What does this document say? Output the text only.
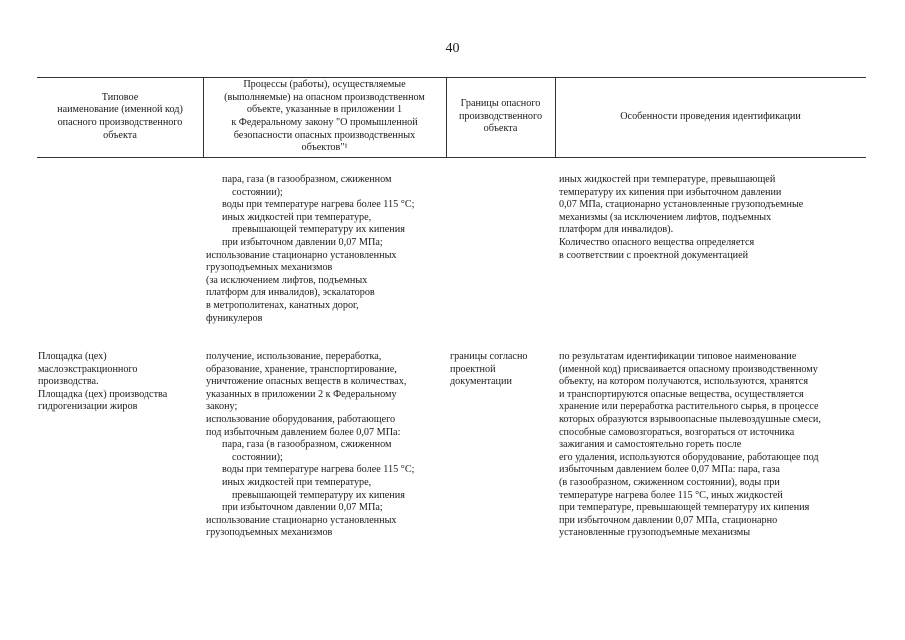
40
Типовое
наименование (именной код)
опасного производственного
объекта
Процессы (работы), осуществляемые
(выполняемые) на опасном производственном
объекте, указанные в приложении 1
к Федеральному закону "О промышленной
безопасности опасных производственных
объектов"¹
Границы опасного
производственного
объекта
Особенности проведения идентификации
пара, газа (в газообразном, сжиженном
состоянии);
воды при температуре нагрева более 115 °С;
иных жидкостей при температуре,
превышающей температуру их кипения
при избыточном давлении 0,07 МПа;
использование стационарно установленных
грузоподъемных механизмов
(за исключением лифтов, подъемных
платформ для инвалидов), эскалаторов
в метрополитенах, канатных дорог,
фуникулеров
иных жидкостей при температуре, превышающей
температуру их кипения при избыточном давлении
0,07 МПа, стационарно установленные грузоподъемные
механизмы (за исключением лифтов, подъемных
платформ для инвалидов).
Количество опасного вещества определяется
в соответствии с проектной документацией
Площадка (цех)
маслоэкстракционного
производства.
Площадка (цех) производства
гидрогенизации жиров
получение, использование, переработка,
образование, хранение, транспортирование,
уничтожение опасных веществ в количествах,
указанных в приложении 2 к Федеральному
закону;
использование оборудования, работающего
под избыточным давлением более 0,07 МПа:
пара, газа (в газообразном, сжиженном
состоянии);
воды при температуре нагрева более 115 °С;
иных жидкостей при температуре,
превышающей температуру их кипения
при избыточном давлении 0,07 МПа;
использование стационарно установленных
грузоподъемных механизмов
границы согласно
проектной
документации
по результатам идентификации типовое наименование
(именной код) присваивается опасному производственному
объекту, на котором получаются, используются, хранятся
и транспортируются опасные вещества, осуществляется
хранение или переработка растительного сырья, в процессе
которых образуются взрывоопасные пылевоздушные смеси,
способные самовозгораться, возгораться от источника
зажигания и самостоятельно гореть после
его удаления, используются оборудование, работающее под
избыточным давлением более 0,07 МПа: пара, газа
(в газообразном, сжиженном состоянии), воды при
температуре нагрева более 115 °С, иных жидкостей
при температуре, превышающей температуру их кипения
при избыточном давлении 0,07 МПа, стационарно
установленные грузоподъемные механизмы
